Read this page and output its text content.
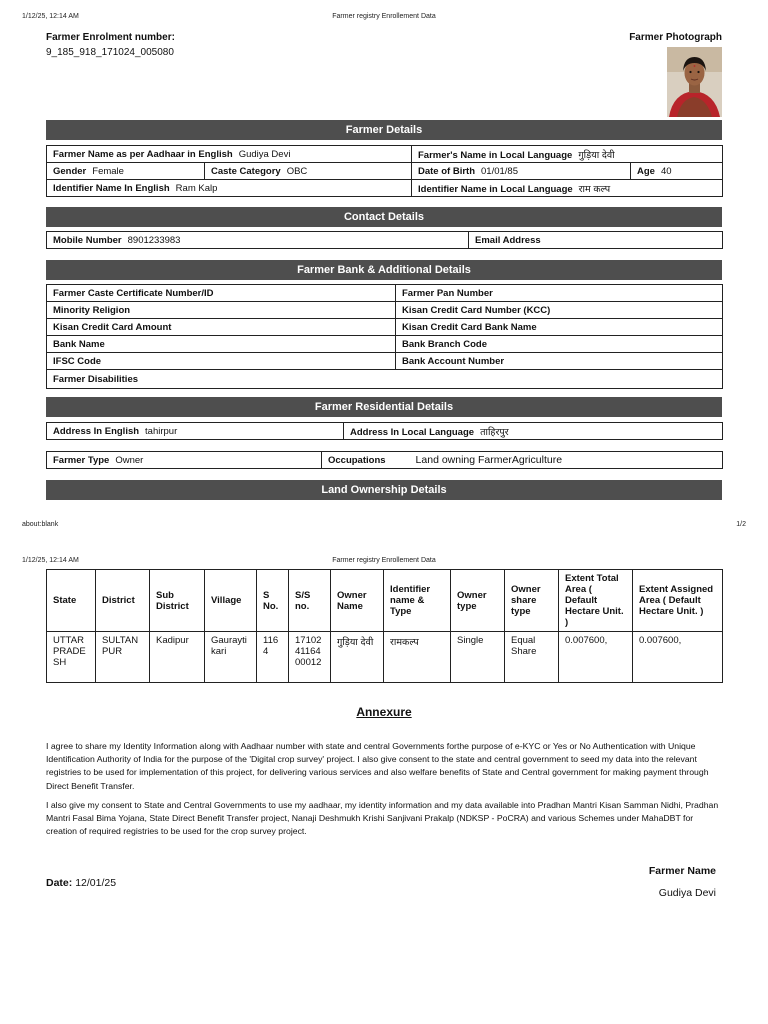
1/12/25, 12:14 AM	Farmer registry Enrollement Data
Farmer Enrolment number:
9_185_918_171024_005080
Farmer Photograph
Farmer Details
Farmer Name as per Aadhaar in English Gudiya Devi		Farmer's Name in Local Language गुड़िया देवी	
Gender Female	Caste Category OBC	Date of Birth 01/01/85	Age 40
Identifier Name In English Ram Kalp		Identifier Name in Local Language राम कल्प	
Contact Details
Mobile Number 8901233983	Email Address
Farmer Bank & Additional Details
Farmer Caste Certificate Number/ID	Farmer Pan Number
Minority Religion	Kisan Credit Card Number (KCC)
Kisan Credit Card Amount	Kisan Credit Card Bank Name
Bank Name	Bank Branch Code
IFSC Code	Bank Account Number
Farmer Disabilities	
Farmer Residential Details
Address In English tahirpur	Address In Local Language ताहिरपुर
Farmer Type Owner	Occupations	Land owning FarmerAgriculture
Land Ownership Details
about:blank	1/2
1/12/25, 12:14 AM	Farmer registry Enrollement Data
State	District	Sub District	Village	S No.	S/S no.	Owner Name	Identifier name & Type	Owner type	Owner share type	Extent Total Area ( Default Hectare Unit. )	Extent Assigned Area ( Default Hectare Unit. )
UTTAR PRADESH	SULTANPUR	Kadipur	Gaurayti kari	1164	171024116400012	गुड़िया देवी	रामकल्प	Single	Equal Share	0.007600,	0.007600,
Annexure
I agree to share my Identity Information along with Aadhaar number with state and central Governments forthe purpose of e-KYC or Yes or No Authentication with Unique Identification Authority of India for the purpose of the 'Digital crop survey' project. I also give consent to the state and central government to seed my data into the relevant registries to be used for implementation of this project, for delivering various services and also welfare benefits of State and Central government for making payment through Direct Benefit Transfer.
I also give my consent to State and Central Governments to use my aadhaar, my identity information and my data available into Pradhan Mantri Kisan Samman Nidhi, Pradhan Mantri Fasal Bima Yojana, State Direct Benefit Transfer project, Nanaji Deshmukh Krishi Sanjivani Prakalp (NDKSP - PoCRA) and various Schemes under MahaDBT for creation of required registries to be used for the crop survey project.
Date: 12/01/25
Farmer Name
Gudiya Devi
